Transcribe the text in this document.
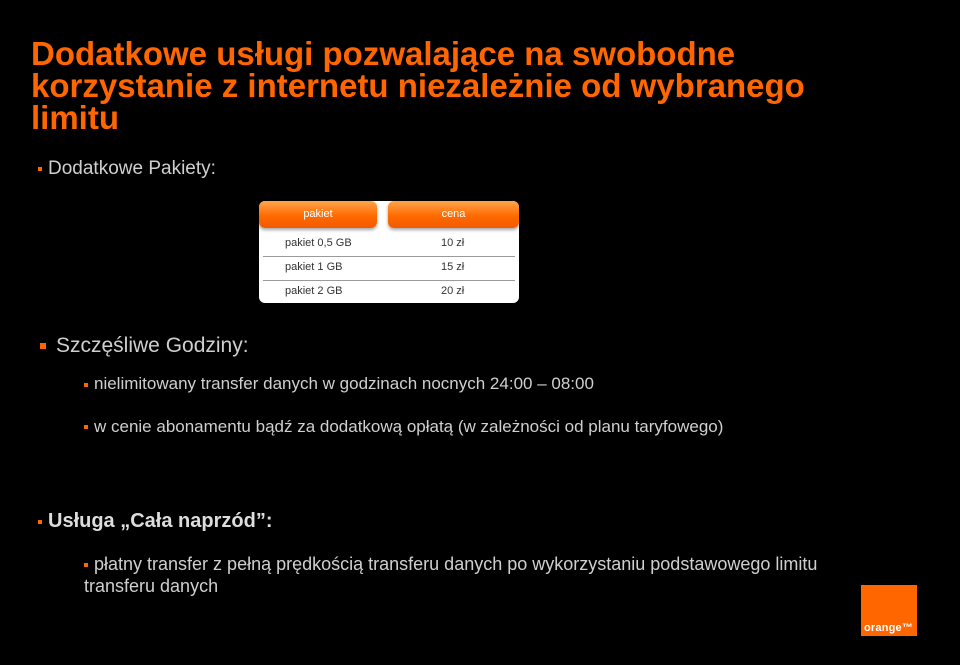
Dodatkowe usługi pozwalające na swobodne
korzystanie z internetu niezależnie od wybranego
limitu
Dodatkowe Pakiety:
pakiet	cena
pakiet 0,5 GB	10 zł
pakiet 1 GB	15 zł
pakiet 2 GB	20 zł
Szczęśliwe Godziny:
nielimitowany transfer danych w godzinach nocnych 24:00 – 08:00
w cenie abonamentu bądź za dodatkową opłatą (w zależności od planu taryfowego)
Usługa „Cała naprzód”:
płatny transfer z pełną prędkością transferu danych po wykorzystaniu podstawowego limitu transferu danych
orange™
